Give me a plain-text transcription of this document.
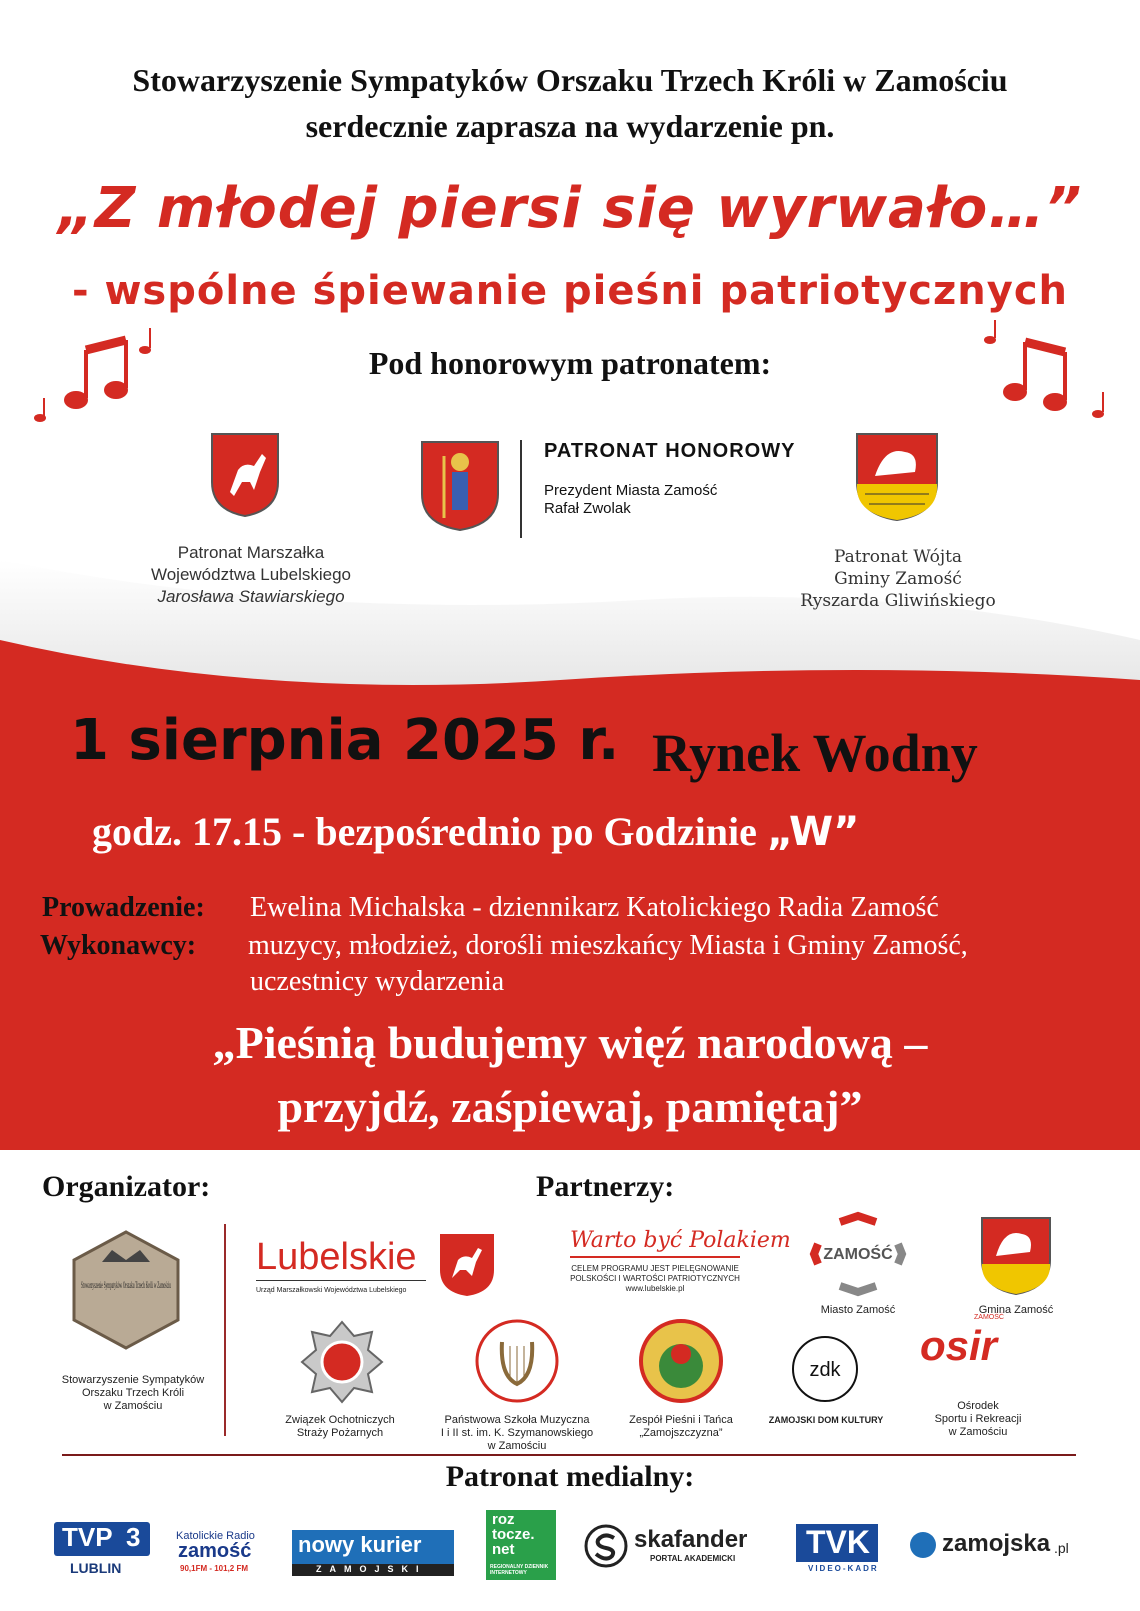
Stowarzyszenie Sympatyków Orszaku Trzech Króli w Zamościu
serdecznie zaprasza na wydarzenie pn.
„Z młodej piersi się wyrwało…”
- wspólne śpiewanie pieśni patriotycznych
Pod honorowym patronatem:
Patronat Marszałka
Województwa Lubelskiego
Jarosława Stawiarskiego
PATRONAT HONOROWY
Prezydent Miasta Zamość
Rafał Zwolak
Patronat Wójta
Gminy Zamość
Ryszarda Gliwińskiego
1 sierpnia 2025 r. Rynek Wodny
godz. 17.15 - bezpośrednio po Godzinie „W”
Prowadzenie: Ewelina Michalska - dziennikarz Katolickiego Radia Zamość
Wykonawcy: muzycy, młodzież, dorośli mieszkańcy Miasta i Gminy Zamość,
uczestnicy wydarzenia
„Pieśnią budujemy więź narodową –
przyjdź, zaśpiewaj, pamiętaj”
Organizator:
Stowarzyszenie Sympatyków Orszaku Trzech Króli w Zamościu
Stowarzyszenie Sympatyków
Orszaku Trzech Króli
w Zamościu
Partnerzy:
Lubelskie
Urząd Marszałkowski Województwa Lubelskiego
Warto być Polakiem
CELEM PROGRAMU JEST PIELĘGNOWANIE
POLSKOŚCI I WARTOŚCI PATRIOTYCZNYCH
www.lubelskie.pl
ZAMOŚĆ
Miasto Zamość	Gmina Zamość
Związek Ochotniczych
Straży Pożarnych
Państwowa Szkoła Muzyczna
I i II st. im. K. Szymanowskiego
w Zamościu
Zespół Pieśni i Tańca
„Zamojszczyzna”
zdk
ZAMOJSKI DOM KULTURY
ZAMOŚĆ
osir
Ośrodek
Sportu i Rekreacji
w Zamościu
Patronat medialny:
TVP 3
LUBLIN
Katolickie Radio
zamość
90,1FM - 101,2 FM
nowy kurier
ZAMOJSKI
roz
tocze.
net
REGIONALNY DZIENNIK INTERNETOWY
skafander
PORTAL AKADEMICKI TVK
VIDEO-KADR
zamojska .pl
